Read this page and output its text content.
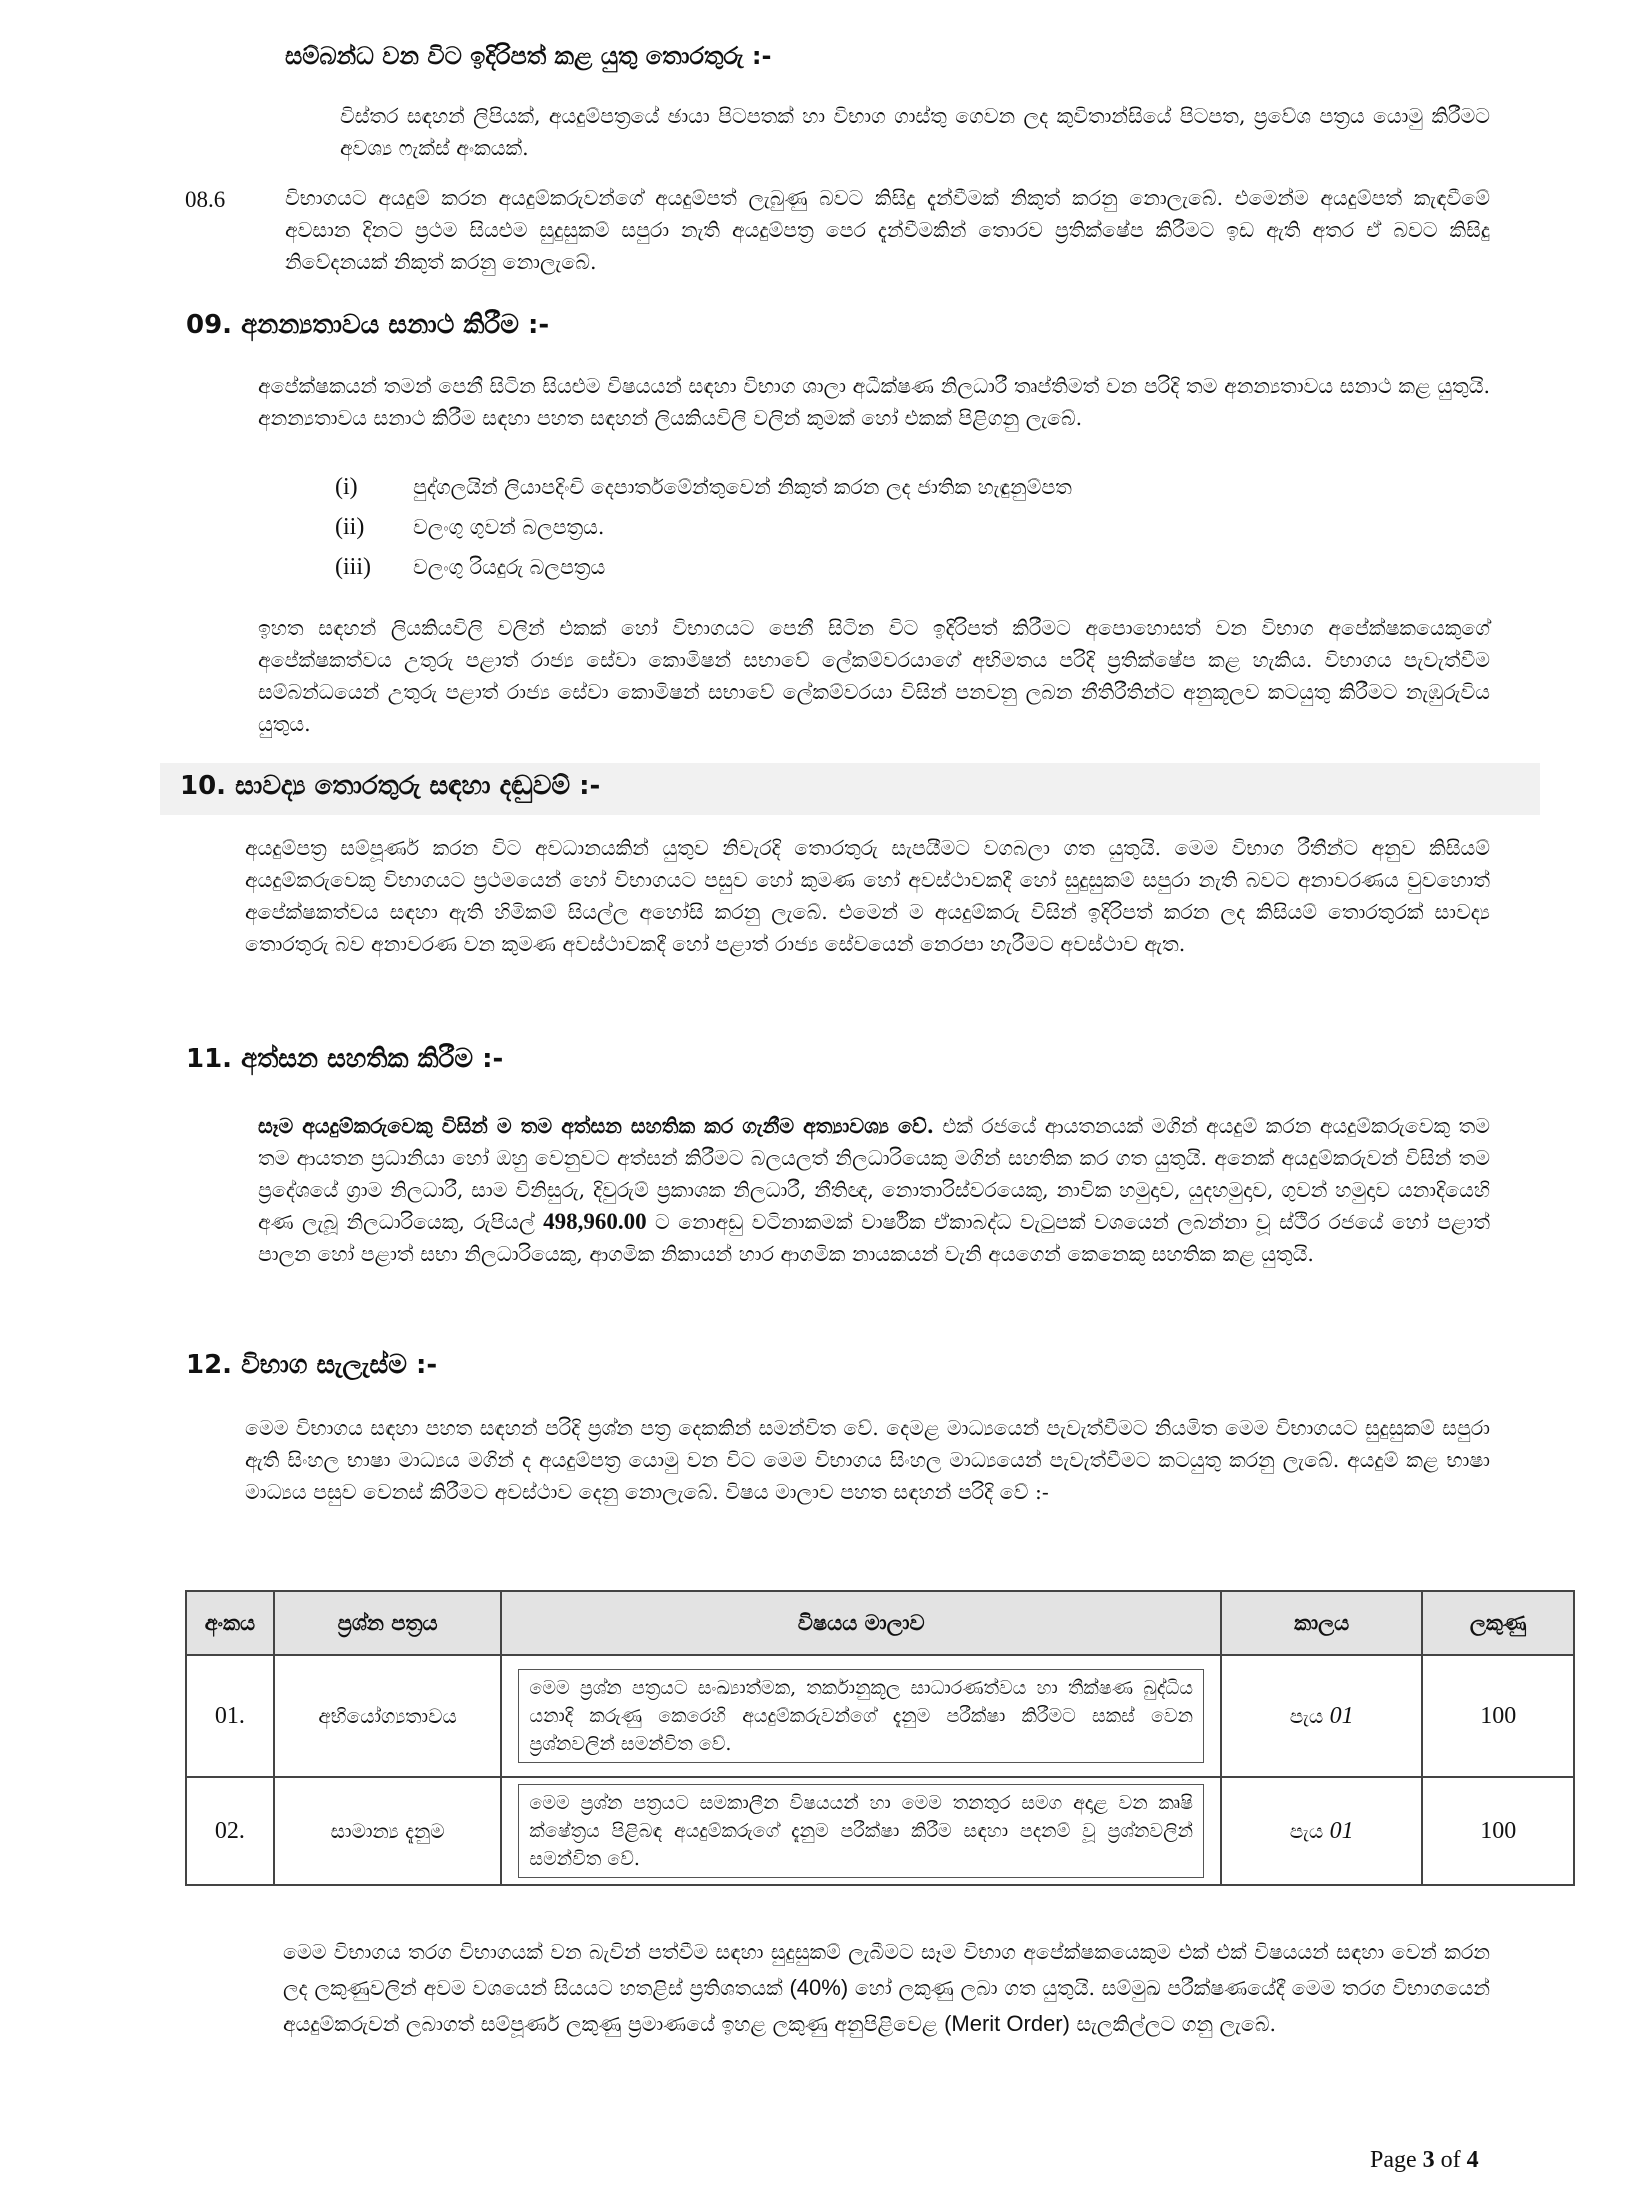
සම්බන්ධ වන විට ඉදිරිපත් කළ යුතු තොරතුරු :-

විස්තර සඳහන් ලිපියක්, අයදුම්පත්‍රයේ ඡායා පිටපතක් හා විභාග ගාස්තු ගෙවන ලද කුවිතාන්සියේ පිටපත, ප්‍රවේශ පත්‍රය යොමු කිරීමට අවශ්‍ය ෆැක්ස් අංකයක්.

08.6	විභාගයට අයදුම් කරන අයදුම්කරුවන්ගේ අයදුම්පත් ලැබුණු බවට කිසිදු දැන්වීමක් නිකුත් කරනු නොලැබේ. එමෙන්ම අයදුම්පත් කැඳවීමේ අවසාන දිනට ප්‍රථම සියළුම සුදුසුකම් සපුරා නැති අයදුම්පත්‍ර පෙර දැන්වීමකින් තොරව ප්‍රතික්ෂේප කිරීමට ඉඩ ඇති අතර ඒ බවට කිසිදු නිවේදනයක් නිකුත් කරනු නොලැබේ.

09. අනන්‍යතාවය සනාථ කිරීම :-

අපේක්ෂකයන් තමන් පෙනී සිටින සියළුම විෂයයන් සඳහා විභාග ශාලා අධීක්ෂණ නිලධාරී තෘප්තිමත් වන පරිදි තම අනන්‍යතාවය සනාථ කළ යුතුයි. අනන්‍යතාවය සනාථ කිරීම සඳහා පහත සඳහන් ලියකියවිලි වලින් කුමක් හෝ එකක් පිළිගනු ලැබේ.

(i)	පුද්ගලයින් ලියාපදිංචි දෙපාර්තමේන්තුවෙන් නිකුත් කරන ලද ජාතික හැඳුනුම්පත
(ii) වලංගු ගුවන් බලපත්‍රය.
(iii) වලංගු රියදුරු බලපත්‍රය

ඉහත සඳහන් ලියකියවිලි වලින් එකක් හෝ විභාගයට පෙනී සිටින විට ඉදිරිපත් කිරීමට අපොහොසත් වන විභාග අපේක්ෂකයෙකුගේ අපේක්ෂකත්වය උතුරු පළාත් රාජ්‍ය සේවා කොමිෂන් සභාවේ ලේකම්වරයාගේ අභිමතය පරිදි ප්‍රතික්ෂේප කළ හැකිය. විභාගය පැවැත්වීම සම්බන්ධයෙන් උතුරු පළාත් රාජ්‍ය සේවා කොමිෂන් සභාවේ ලේකම්වරයා විසින් පනවනු ලබන නීතිරීතින්ට අනුකූලව කටයුතු කිරීමට නැඹුරුවිය යුතුය.

10. සාවද්‍ය තොරතුරු සඳහා දඬුවම් :-

අයදුම්පත්‍ර සම්පූර්ණ කරන විට අවධානයකින් යුතුව නිවැරදි තොරතුරු සැපයීමට වගබලා ගත යුතුයි. මෙම විභාග රීතීන්ට අනුව කිසියම් අයදුම්කරුවෙකු විභාගයට ප්‍රථමයෙන් හෝ විභාගයට පසුව හෝ කුමණ හෝ අවස්ථාවකදී හෝ සුදුසුකම් සපුරා නැති බවට අනාවරණය වුවහොත් අපේක්ෂකත්වය සඳහා ඇති හිමිකම් සියල්ල අහෝසි කරනු ලැබේ. එමෙන් ම අයදුම්කරු විසින් ඉදිරිපත් කරන ලද කිසියම් තොරතුරක් සාවද්‍ය තොරතුරු බව අනාවරණ වන කුමණ අවස්ථාවකදී හෝ පළාත් රාජ්‍ය සේවයෙන් නෙරපා හැරීමට අවස්ථාව ඇත.

11. අත්සන සහතික කිරීම :-

සෑම අයදුම්කරුවෙකු විසින් ම තම අත්සන සහතික කර ගැනීම අත්‍යාවශ්‍ය වේ. එක් රජයේ ආයතනයක් මගින් අයදුම් කරන අයදුම්කරුවෙකු තම තම ආයතන ප්‍රධානියා හෝ ඔහු වෙනුවට අත්සන් කිරීමට බලයලත් නිලධාරියෙකු මගින් සහතික කර ගත යුතුයි. අනෙක් අයදුම්කරුවන් විසින් තම ප්‍රදේශයේ ග්‍රාම නිලධාරී, සාම විනිසුරු, දිවුරුම් ප්‍රකාශක නිලධාරී, නීතිඥ, නොතාරිස්වරයෙකු, නාවික හමුදාව, යුදහමුදාව, ගුවන් හමුදාව යනාදියෙහි අණ ලැබූ නිලධාරියෙකු, රුපියල් 498,960.00 ට නොඅඩු වටිනාකමක් වාර්ෂික ඒකාබද්ධ වැටුපක් වශයෙන් ලබන්නා වූ ස්ථිර රජයේ හෝ පළාත් පාලන හෝ පළාත් සභා නිලධාරියෙකු, ආගමික නිකායන් හාර ආගමික නායකයන් වැනි අයගෙන් කෙනෙකු සහතික කළ යුතුයි.

12. විභාග සැලැස්ම :-

මෙම විභාගය සඳහා පහත සඳහන් පරිදි ප්‍රශ්න පත්‍ර දෙකකින් සමන්විත වේ. දෙමළ මාධ්‍යයෙන් පැවැත්වීමට නියමිත මෙම විභාගයට සුදුසුකම් සපුරා ඇති සිංහල භාෂා මාධ්‍යය මගින් ද අයදුම්පත්‍ර යොමු වන විට මෙම විභාගය සිංහල මාධ්‍යයෙන් පැවැත්වීමට කටයුතු කරනු ලැබේ. අයදුම් කළ භාෂා මාධ්‍යය පසුව වෙනස් කිරීමට අවස්ථාව දෙනු නොලැබේ. විෂය මාලාව පහත සඳහන් පරිදි වේ :-

අංකය	ප්‍රශ්න පත්‍රය	විෂයය මාලාව	කාලය	ලකුණු
01.	අභියෝග්‍යතාවය	මෙම ප්‍රශ්න පත්‍රයට සංඛ්‍යාත්මක, තර්කානුකූල සාධාරණත්වය හා තීක්ෂණ බුද්ධිය යනාදි කරුණු කෙරෙහි අයදුම්කරුවන්ගේ දැනුම පරීක්ෂා කිරීමට සකස් වෙන ප්‍රශ්නවලින් සමන්විත වේ.	පැය 01	100
02.	සාමාන්‍ය දැනුම	මෙම ප්‍රශ්න පත්‍රයට සමකාලීන විෂයයන් හා මෙම තනතුර සමග අදාළ වන කෘෂි ක්ෂේත්‍රය පිළිබඳ අයදුම්කරුගේ දැනුම පරීක්ෂා කිරීම සඳහා පදනම් වූ ප්‍රශ්නවලින් සමන්විත වේ.	පැය 01	100

මෙම විභාගය තරග විභාගයක් වන බැවින් පත්වීම සඳහා සුදුසුකම් ලැබීමට සෑම විභාග අපේක්ෂකයෙකුම එක් එක් විෂයයන් සඳහා වෙන් කරන ලද ලකුණුවලින් අවම වශයෙන් සියයට හතළිස් ප්‍රතිශතයක් (40%) හෝ ලකුණු ලබා ගත යුතුයි. සම්මුඛ පරීක්ෂණයේදී මෙම තරග විභාගයෙන් අයදුම්කරුවන් ලබාගත් සම්පූර්ණ ලකුණු ප්‍රමාණයේ ඉහළ ලකුණු අනුපිළිවෙළ (Merit Order) සැලකිල්ලට ගනු ලැබේ.

Page 3 of 4
